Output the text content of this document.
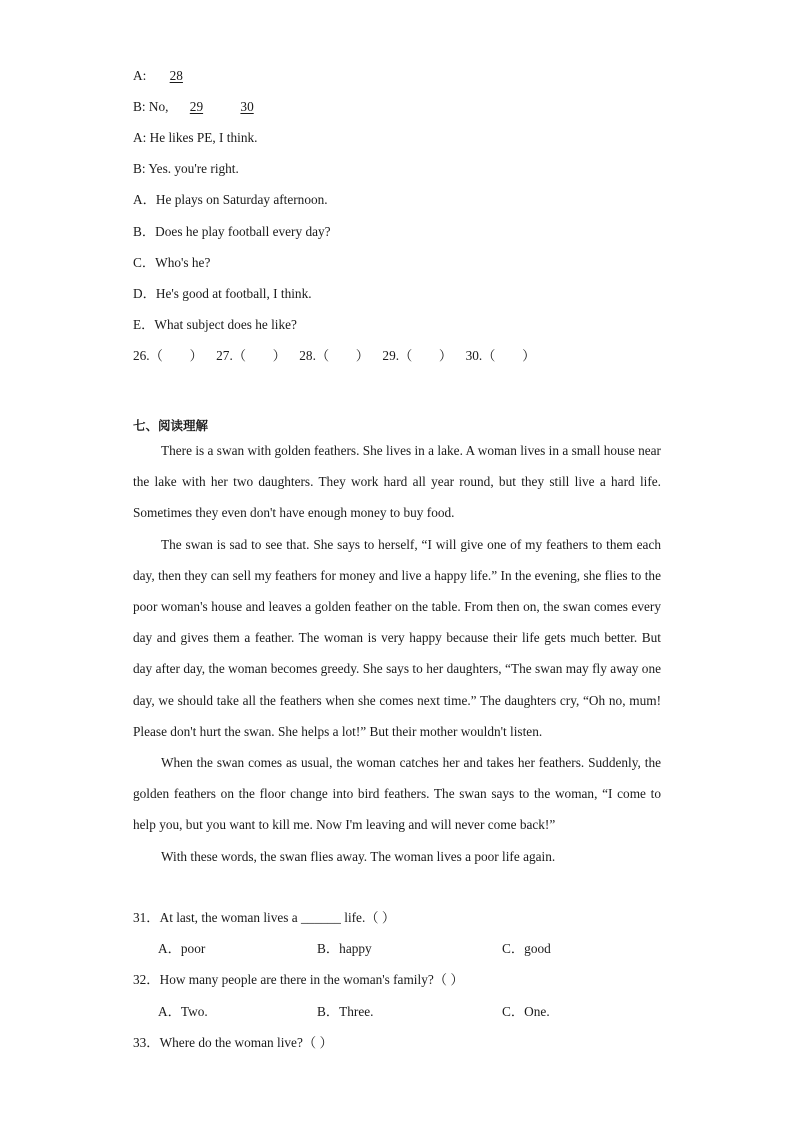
A: 28
B: No, 29	30
A: He likes PE, I think.
B: Yes. you're right.
A．He plays on Saturday afternoon.
B．Does he play football every day?
C．Who's he?
D．He's good at football, I think.
E．What subject does he like?
26.（　　） 27.（　　） 28.（　　） 29.（　　） 30.（　　）
七、阅读理解

There is a swan with golden feathers. She lives in a lake. A woman lives in a small house near the lake with her two daughters. They work hard all year round, but they still live a hard life. Sometimes they even don't have enough money to buy food.

The swan is sad to see that. She says to herself, “I will give one of my feathers to them each day, then they can sell my feathers for money and live a happy life.” In the evening, she flies to the poor woman's house and leaves a golden feather on the table. From then on, the swan comes every day and gives them a feather. The woman is very happy because their life gets much better. But day after day, the woman becomes greedy. She says to her daughters, “The swan may fly away one day, we should take all the feathers when she comes next time.” The daughters cry, “Oh no, mum! Please don't hurt the swan. She helps a lot!” But their mother wouldn't listen.

When the swan comes as usual, the woman catches her and takes her feathers. Suddenly, the golden feathers on the floor change into bird feathers. The swan says to the woman, “I come to help you, but you want to kill me. Now I'm leaving and will never come back!”

With these words, the swan flies away. The woman lives a poor life again.

31．At last, the woman lives a ______ life.（ ）
A．poor	B．happy	C．good
32．How many people are there in the woman's family?（ ）
A．Two.	B．Three.	C．One.
33．Where do the woman live?（ ）
